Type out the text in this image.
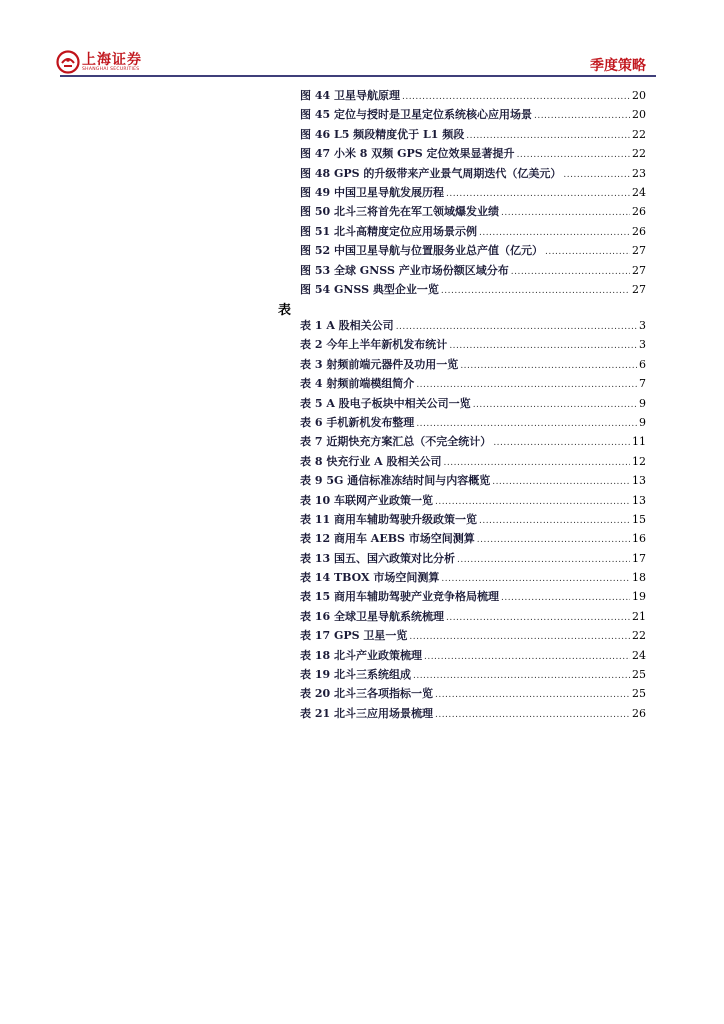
上海证券
SHANGHAI SECURITIES	季度策略
图 44 卫星导航原理 .....	20
图 45 定位与授时是卫星定位系统核心应用场景 .....	20
图 46 L5 频段精度优于 L1 频段 .....	22
图 47 小米 8 双频 GPS 定位效果显著提升 .....	22
图 48 GPS 的升级带来产业景气周期迭代（亿美元） .....	23
图 49 中国卫星导航发展历程 .....	24
图 50 北斗三将首先在军工领域爆发业绩 .....	26
图 51 北斗高精度定位应用场景示例 .....	26
图 52 中国卫星导航与位置服务业总产值（亿元） .....	27
图 53 全球 GNSS 产业市场份额区域分布 .....	27
图 54 GNSS 典型企业一览 .....	27
表
表 1 A 股相关公司 .....	3
表 2 今年上半年新机发布统计 .....	3
表 3 射频前端元器件及功用一览 .....	6
表 4 射频前端模组简介 .....	7
表 5 A 股电子板块中相关公司一览 .....	9
表 6 手机新机发布整理 .....	9
表 7 近期快充方案汇总（不完全统计） .....	11
表 8 快充行业 A 股相关公司 .....	12
表 9 5G 通信标准冻结时间与内容概览 .....	13
表 10 车联网产业政策一览 .....	13
表 11 商用车辅助驾驶升级政策一览 .....	15
表 12 商用车 AEBS 市场空间测算 .....	16
表 13 国五、国六政策对比分析 .....	17
表 14 TBOX 市场空间测算 .....	18
表 15 商用车辅助驾驶产业竞争格局梳理 .....	19
表 16 全球卫星导航系统梳理 .....	21
表 17 GPS 卫星一览 .....	22
表 18 北斗产业政策梳理 .....	24
表 19 北斗三系统组成 .....	25
表 20 北斗三各项指标一览 .....	25
表 21 北斗三应用场景梳理 .....	26
